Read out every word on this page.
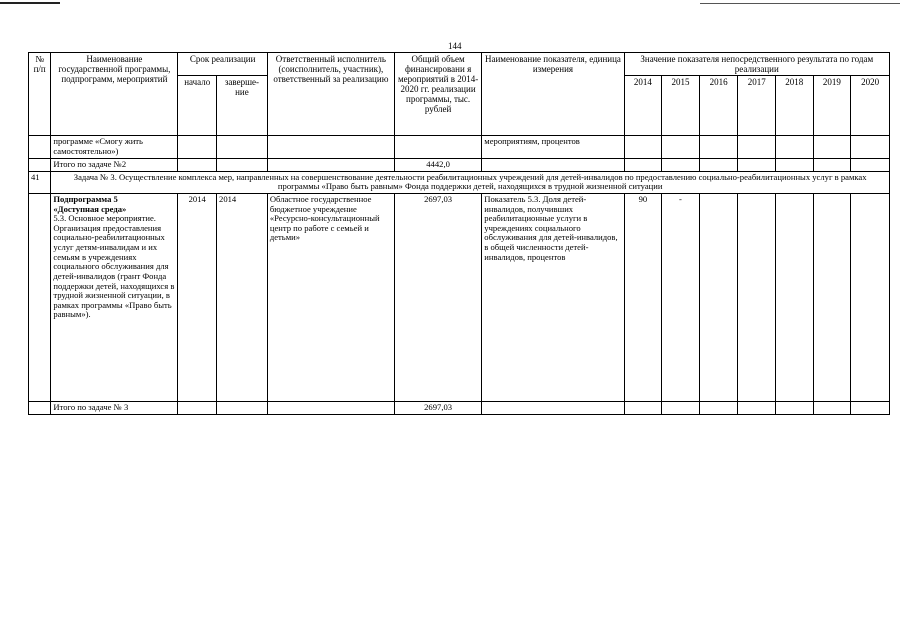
144
№ п/п	Наименование государственной программы, подпрограмм, мероприятий	Срок реализации		Ответственный исполнитель (соисполнитель, участник), ответственный за реализацию	Общий объем финансировани я мероприятий в 2014-2020 гг. реализации программы, тыс. рублей	Наименование показателя, единица измерения	Значение показателя непосредственного результата по годам реализации						
		начало	заверше-ние				2014	2015	2016	2017	2018	2019	2020
	программе «Смогу жить самостоятельно»)					мероприятиям, процентов							
	Итого по задаче №2				4442,0								
41	Задача № 3. Осуществление комплекса мер, направленных на совершенствование деятельности реабилитационных учреждений для детей-инвалидов по предоставлению социально-реабилитационных услуг в рамках программы «Право быть равным» Фонда поддержки детей, находящихся в трудной жизненной ситуации												

	Подпрограмма 5
«Доступная среда»
5.3. Основное мероприятие. Организация предоставления социально-реабилитационных услуг детям-инвалидам и их семьям в учреждениях социального обслуживания для детей-инвалидов (грант Фонда поддержки детей, находящихся в трудной жизненной ситуации, в рамках программы «Право быть равным»).	2014	2014	Областное государственное бюджетное учреждение «Ресурсно-консультационный центр по работе с семьей и детьми»	2697,03	Показатель 5.3. Доля детей-инвалидов, получивших реабилитационные услуги в учреждениях социального обслуживания для детей-инвалидов, в общей численности детей-инвалидов, процентов	90	-					
	Итого по задаче № 3				2697,03								
